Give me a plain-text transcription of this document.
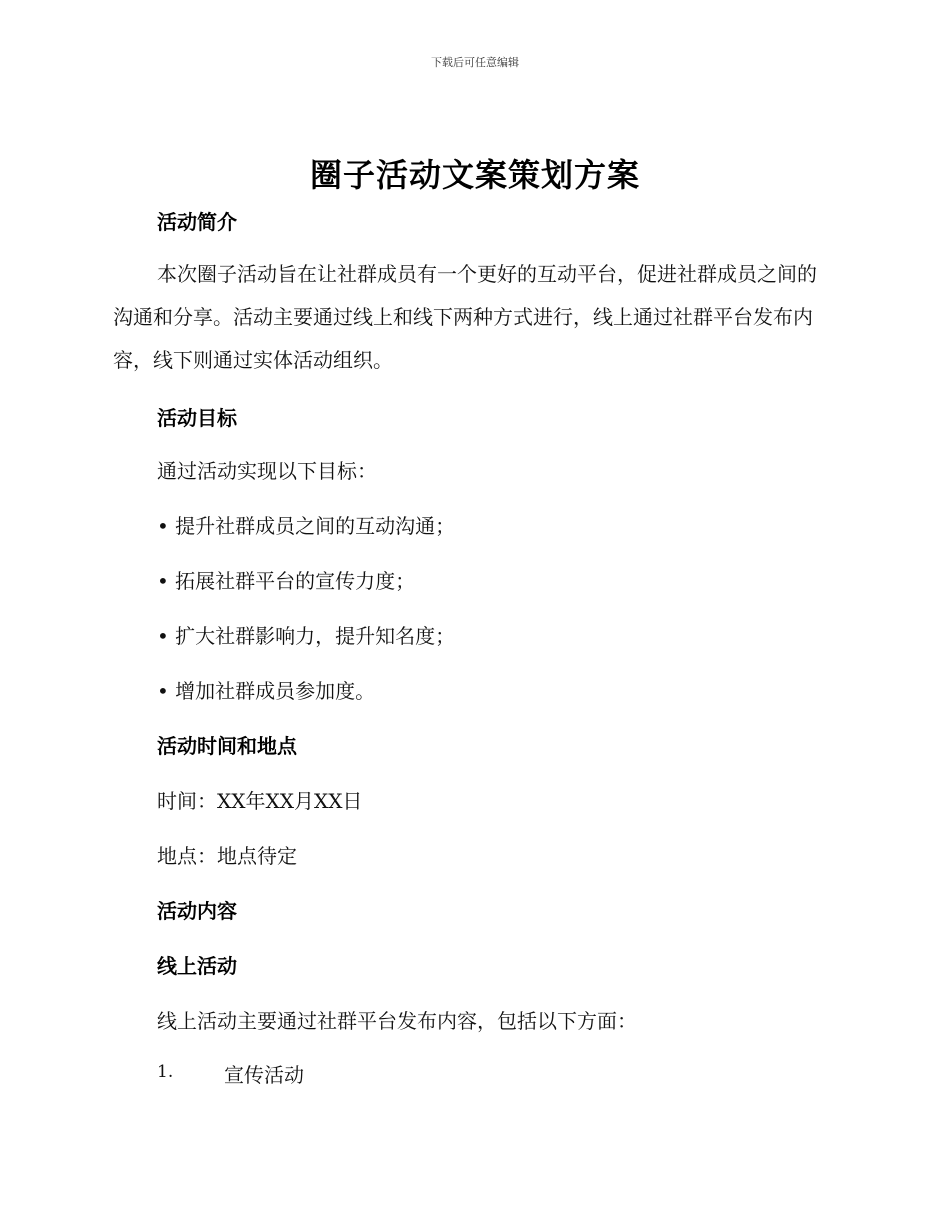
下载后可任意编辑
圈子活动文案策划方案
活动简介

本次圈子活动旨在让社群成员有一个更好的互动平台，促进社群成员之间的沟通和分享。活动主要通过线上和线下两种方式进行，线上通过社群平台发布内容，线下则通过实体活动组织。

活动目标
通过活动实现以下目标：
• 提升社群成员之间的互动沟通；
• 拓展社群平台的宣传力度；
• 扩大社群影响力，提升知名度；
• 增加社群成员参加度。
活动时间和地点
时间：XX年XX月XX日
地点：地点待定
活动内容
线上活动
线上活动主要通过社群平台发布内容，包括以下方面：
1.	宣传活动
